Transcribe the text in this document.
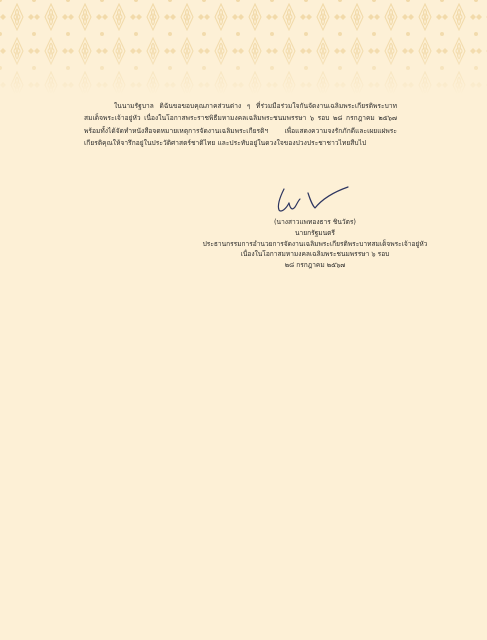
ในนามรัฐบาล ดิฉันขอขอบคุณภาคส่วนต่าง ๆ ที่ร่วมมือร่วมใจกันจัดงานเฉลิมพระเกียรติพระบาทสมเด็จพระเจ้าอยู่หัว เนื่องในโอกาสพระราชพิธีมหามงคลเฉลิมพระชนมพรรษา ๖ รอบ ๒๘ กรกฎาคม ๒๕๖๗ พร้อมทั้งได้จัดทำหนังสือจดหมายเหตุการจัดงานเฉลิมพระเกียรติฯ เพื่อแสดงความจงรักภักดีและเผยแผ่พระเกียรติคุณให้จารึกอยู่ในประวัติศาสตร์ชาติไทย และประทับอยู่ในดวงใจของปวงประชาชาวไทยสืบไป

(นางสาวแพทองธาร ชินวัตร)
นายกรัฐมนตรี
ประธานกรรมการอำนวยการจัดงานเฉลิมพระเกียรติพระบาทสมเด็จพระเจ้าอยู่หัว
เนื่องในโอกาสมหามงคลเฉลิมพระชนมพรรษา ๖ รอบ
๒๘ กรกฎาคม ๒๕๖๗
